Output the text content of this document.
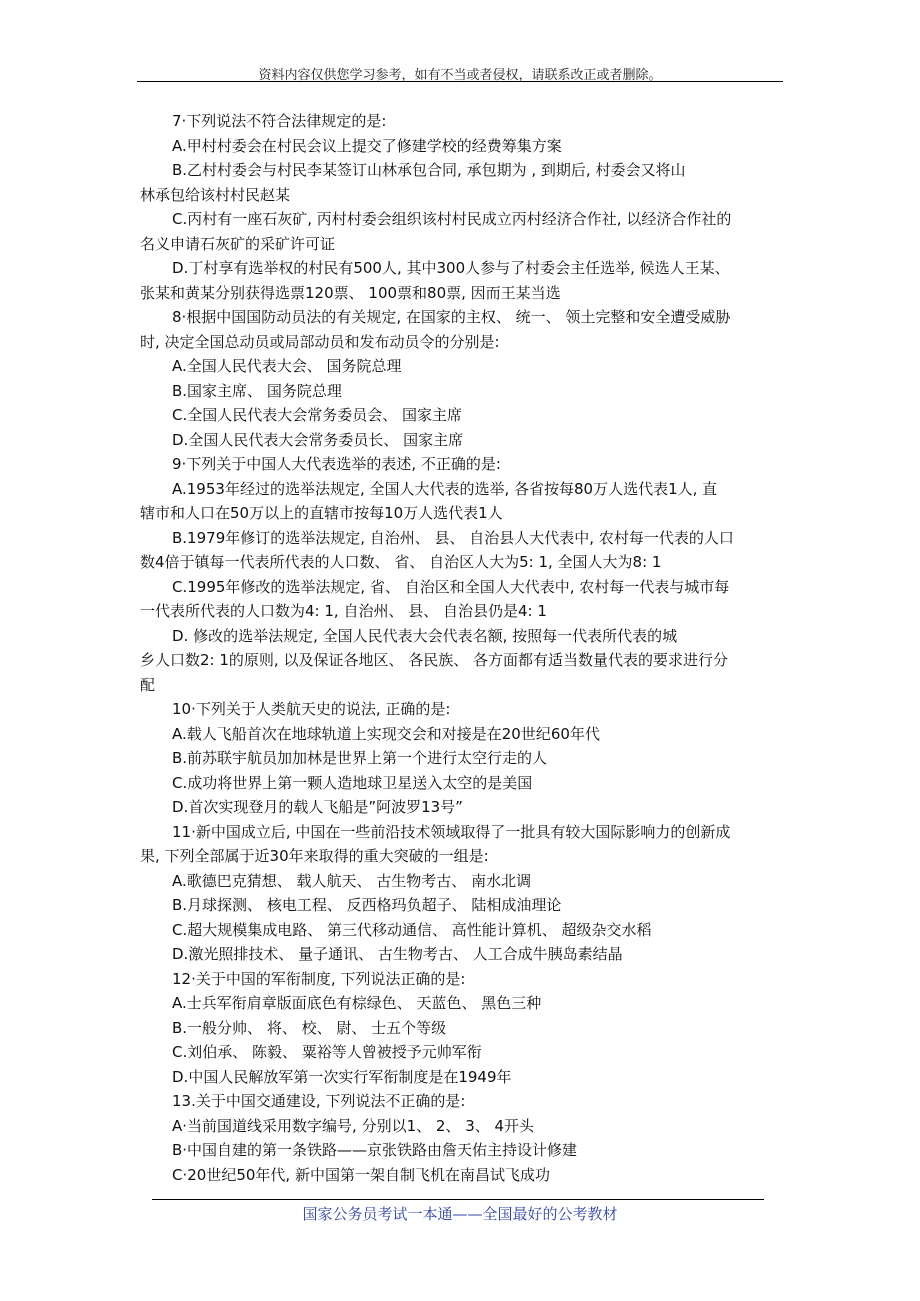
资料内容仅供您学习参考，如有不当或者侵权，请联系改正或者删除。
7·下列说法不符合法律规定的是:
A.甲村村委会在村民会议上提交了修建学校的经费筹集方案
B.乙村村委会与村民李某签订山林承包合同, 承包期为 , 到期后, 村委会又将山
林承包给该村村民赵某
C.丙村有一座石灰矿, 丙村村委会组织该村村民成立丙村经济合作社, 以经济合作社的
名义申请石灰矿的采矿许可证
D.丁村享有选举权的村民有500人, 其中300人参与了村委会主任选举, 候选人王某、
张某和黄某分别获得选票120票、 100票和80票, 因而王某当选
8·根据中国国防动员法的有关规定, 在国家的主权、 统一、 领土完整和安全遭受威胁
时, 决定全国总动员或局部动员和发布动员令的分别是:
A.全国人民代表大会、 国务院总理
B.国家主席、 国务院总理
C.全国人民代表大会常务委员会、 国家主席
D.全国人民代表大会常务委员长、 国家主席
9·下列关于中国人大代表选举的表述, 不正确的是:
A.1953年经过的选举法规定, 全国人大代表的选举, 各省按每80万人选代表1人, 直
辖市和人口在50万以上的直辖市按每10万人选代表1人
B.1979年修订的选举法规定, 自治州、 县、 自治县人大代表中, 农村每一代表的人口
数4倍于镇每一代表所代表的人口数、 省、 自治区人大为5: 1, 全国人大为8: 1
C.1995年修改的选举法规定, 省、 自治区和全国人大代表中, 农村每一代表与城市每
一代表所代表的人口数为4: 1, 自治州、 县、 自治县仍是4: 1
D. 修改的选举法规定, 全国人民代表大会代表名额, 按照每一代表所代表的城
乡人口数2: 1的原则, 以及保证各地区、 各民族、 各方面都有适当数量代表的要求进行分
配
10·下列关于人类航天史的说法, 正确的是:
A.载人飞船首次在地球轨道上实现交会和对接是在20世纪60年代
B.前苏联宇航员加加林是世界上第一个进行太空行走的人
C.成功将世界上第一颗人造地球卫星送入太空的是美国
D.首次实现登月的载人飞船是”阿波罗13号”
11·新中国成立后, 中国在一些前沿技术领域取得了一批具有较大国际影响力的创新成
果, 下列全部属于近30年来取得的重大突破的一组是:
A.歌德巴克猜想、 载人航天、 古生物考古、 南水北调
B.月球探测、 核电工程、 反西格玛负超子、 陆相成油理论
C.超大规模集成电路、 第三代移动通信、 高性能计算机、 超级杂交水稻
D.激光照排技术、 量子通讯、 古生物考古、 人工合成牛胰岛素结晶
12·关于中国的军衔制度, 下列说法正确的是:
A.士兵军衔肩章版面底色有棕绿色、 天蓝色、 黑色三种
B.一般分帅、 将、 校、 尉、 士五个等级
C.刘伯承、 陈毅、 粟裕等人曾被授予元帅军衔
D.中国人民解放军第一次实行军衔制度是在1949年
13.关于中国交通建设, 下列说法不正确的是:
A·当前国道线采用数字编号, 分别以1、 2、 3、 4开头
B·中国自建的第一条铁路——京张铁路由詹天佑主持设计修建
C·20世纪50年代, 新中国第一架自制飞机在南昌试飞成功
国家公务员考试一本通——全国最好的公考教材
